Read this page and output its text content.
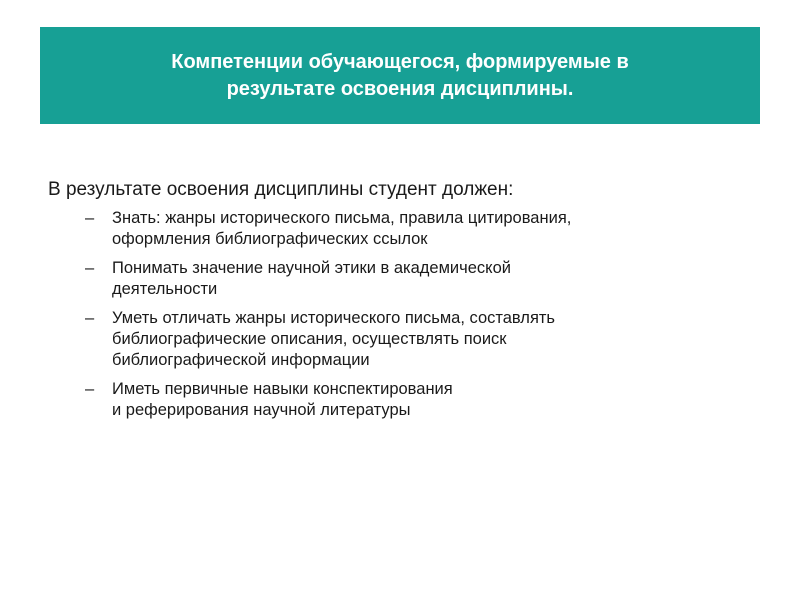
Компетенции обучающегося, формируемые в
результате освоения дисциплины.

В результате освоения дисциплины студент должен:

– Знать: жанры исторического письма, правила цитирования,
оформления библиографических ссылок
– Понимать значение научной этики в академической
деятельности
– Уметь отличать жанры исторического письма, составлять
библиографические описания, осуществлять поиск
библиографической информации
– Иметь первичные навыки конспектирования
и реферирования научной литературы
